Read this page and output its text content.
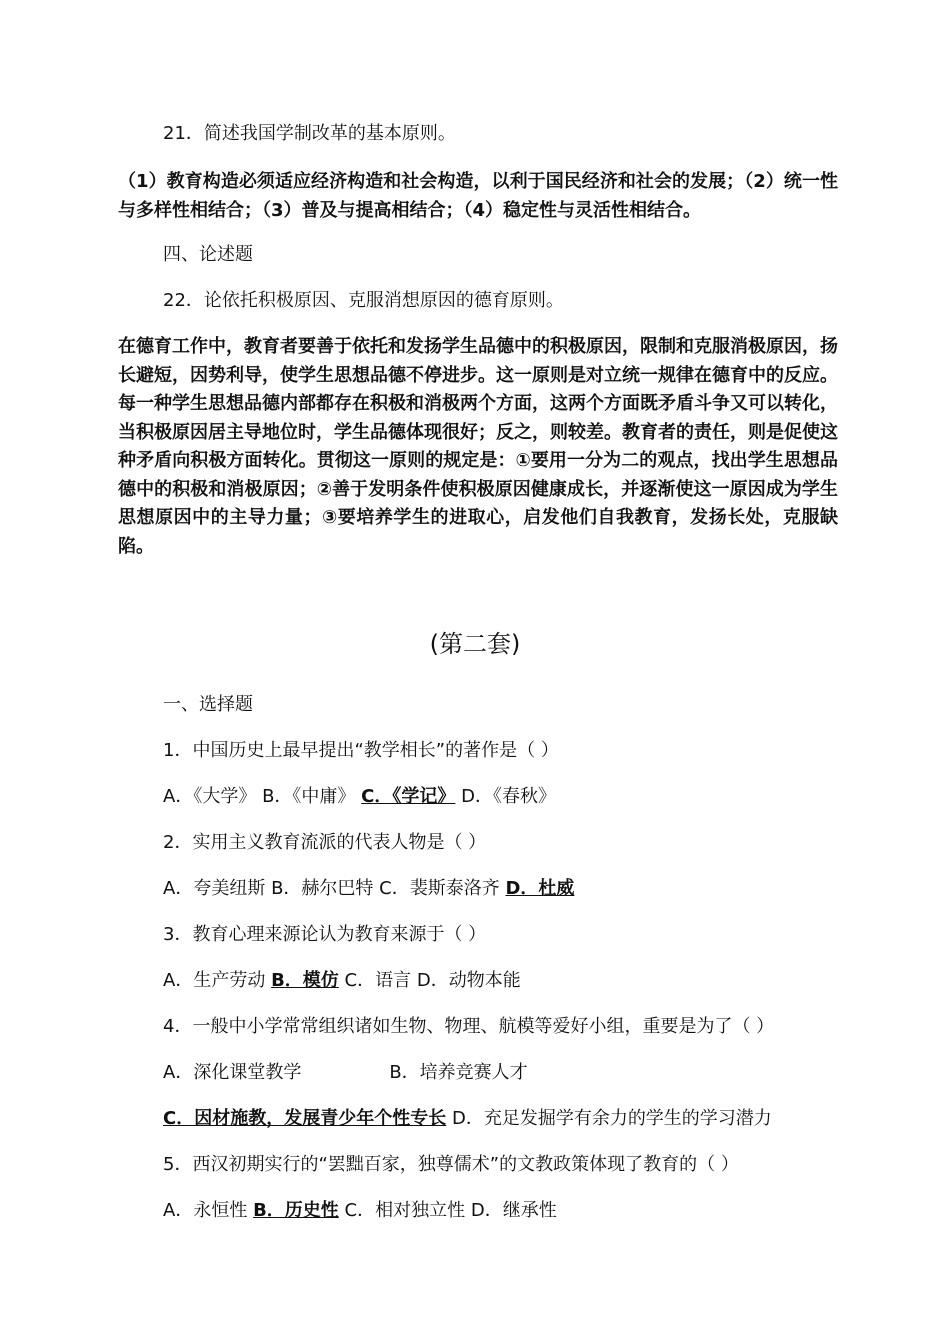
21．简述我国学制改革的基本原则。
（1）教育构造必须适应经济构造和社会构造，以利于国民经济和社会的发展；（2）统一性与多样性相结合；（3）普及与提高相结合；（4）稳定性与灵活性相结合。
四、论述题
22．论依托积极原因、克服消想原因的德育原则。
在德育工作中，教育者要善于依托和发扬学生品德中的积极原因，限制和克服消极原因，扬长避短，因势利导，使学生思想品德不停进步。这一原则是对立统一规律在德育中的反应。每一种学生思想品德内部都存在积极和消极两个方面，这两个方面既矛盾斗争又可以转化，当积极原因居主导地位时，学生品德体现很好；反之，则较差。教育者的责任，则是促使这种矛盾向积极方面转化。贯彻这一原则的规定是：①要用一分为二的观点，找出学生思想品德中的积极和消极原因；②善于发明条件使积极原因健康成长，并逐渐使这一原因成为学生思想原因中的主导力量；③要培养学生的进取心，启发他们自我教育，发扬长处，克服缺陷。
(第二套)
一、选择题
1．中国历史上最早提出“教学相长”的著作是（ ）
A．《大学》 B．《中庸》 C．《学记》 D．《春秋》
2．实用主义教育流派的代表人物是（ ）
A．夸美纽斯 B．赫尔巴特 C．裴斯泰洛齐 D．杜威
3．教育心理来源论认为教育来源于（ ）
A．生产劳动 B．模仿 C．语言 D．动物本能
4．一般中小学常常组织诸如生物、物理、航模等爱好小组，重要是为了（ ）
A．深化课堂教学	B．培养竞赛人才
C．因材施教，发展青少年个性专长 D．充足发掘学有余力的学生的学习潜力
5．西汉初期实行的“罢黜百家，独尊儒术”的文教政策体现了教育的（ ）
A．永恒性 B．历史性 C．相对独立性 D．继承性
